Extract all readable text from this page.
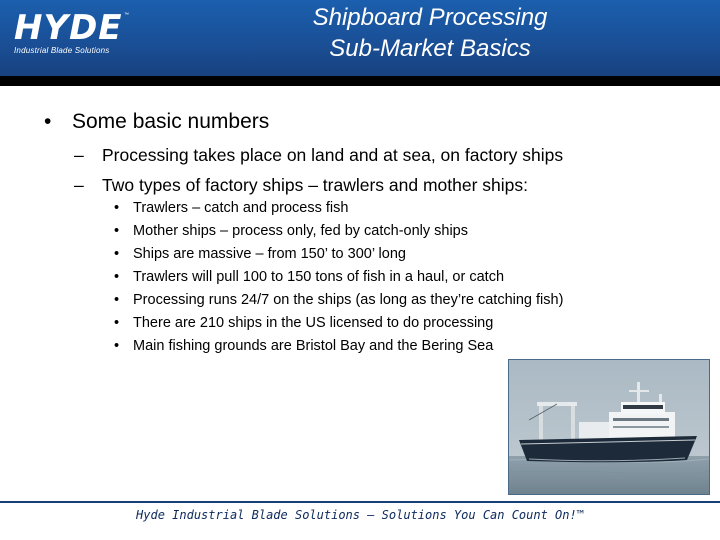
HYDE ™
Industrial Blade Solutions
Shipboard Processing
Sub-Market Basics
• Some basic numbers
– Processing takes place on land and at sea, on factory ships
– Two types of factory ships – trawlers and mother ships:
• Trawlers – catch and process fish
• Mother ships – process only, fed by catch-only ships
• Ships are massive – from 150’ to 300’ long
• Trawlers will pull 100 to 150 tons of fish in a haul, or catch
• Processing runs 24/7 on the ships (as long as they’re catching fish)
• There are 210 ships in the US licensed to do processing
• Main fishing grounds are Bristol Bay and the Bering Sea
Hyde Industrial Blade Solutions — Solutions You Can Count On!™
